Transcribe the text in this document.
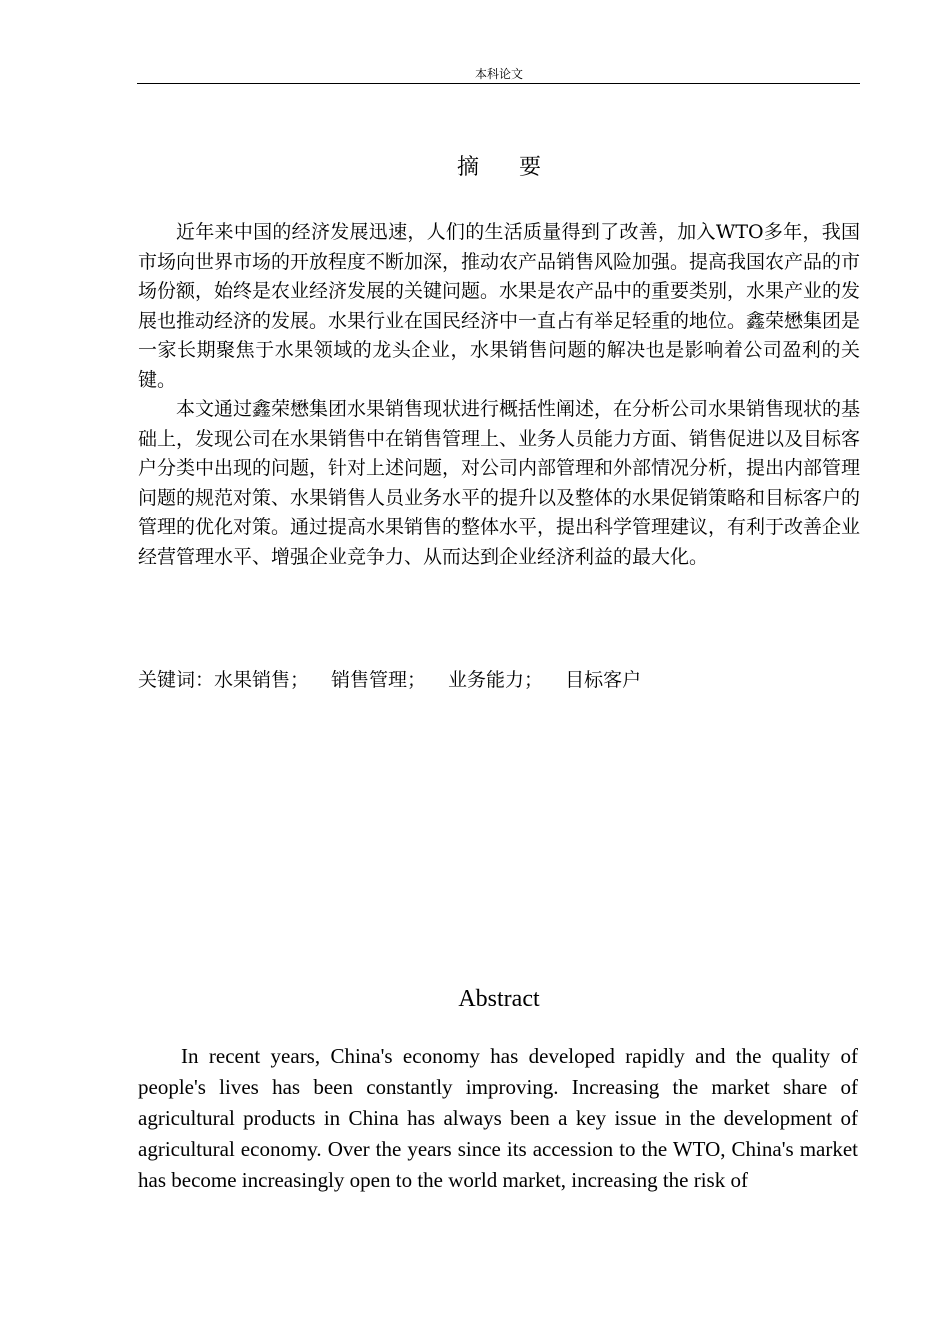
本科论文
摘要

近年来中国的经济发展迅速，人们的生活质量得到了改善，加入WTO多年，我国市场向世界市场的开放程度不断加深，推动农产品销售风险加强。提高我国农产品的市场份额，始终是农业经济发展的关键问题。水果是农产品中的重要类别，水果产业的发展也推动经济的发展。水果行业在国民经济中一直占有举足轻重的地位。鑫荣懋集团是一家长期聚焦于水果领域的龙头企业，水果销售问题的解决也是影响着公司盈利的关键。

本文通过鑫荣懋集团水果销售现状进行概括性阐述，在分析公司水果销售现状的基础上，发现公司在水果销售中在销售管理上、业务人员能力方面、销售促进以及目标客户分类中出现的问题，针对上述问题，对公司内部管理和外部情况分析，提出内部管理问题的规范对策、水果销售人员业务水平的提升以及整体的水果促销策略和目标客户的管理的优化对策。通过提高水果销售的整体水平，提出科学管理建议，有利于改善企业经营管理水平、增强企业竞争力、从而达到企业经济利益的最大化。

关键词：水果销售； 销售管理； 业务能力； 目标客户
Abstract

In recent years, China's economy has developed rapidly and the quality of people's lives has been constantly improving. Increasing the market share of agricultural products in China has always been a key issue in the development of agricultural economy. Over the years since its accession to the WTO, China's market has become increasingly open to the world market, increasing the risk of
